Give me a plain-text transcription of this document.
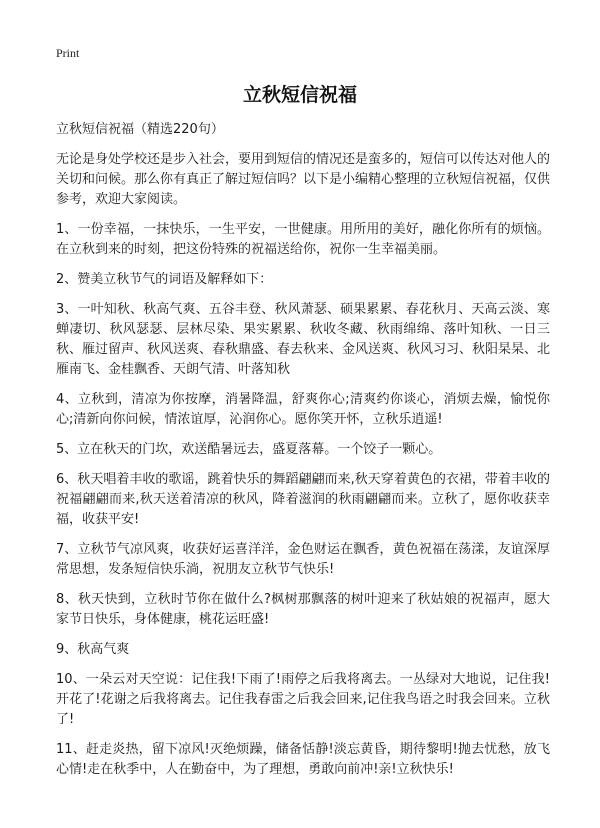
Print
立秋短信祝福

立秋短信祝福（精选220句）

无论是身处学校还是步入社会，要用到短信的情况还是蛮多的，短信可以传达对他人的关切和问候。那么你有真正了解过短信吗？以下是小编精心整理的立秋短信祝福，仅供参考，欢迎大家阅读。

1、一份幸福，一抹快乐，一生平安，一世健康。用所用的美好，融化你所有的烦恼。在立秋到来的时刻，把这份特殊的祝福送给你，祝你一生幸福美丽。

2、赞美立秋节气的词语及解释如下：

3、一叶知秋、秋高气爽、五谷丰登、秋风萧瑟、硕果累累、春花秋月、天高云淡、寒蝉凄切、秋风瑟瑟、层林尽染、果实累累、秋收冬藏、秋雨绵绵、落叶知秋、一日三秋、雁过留声、秋风送爽、春秋鼎盛、春去秋来、金风送爽、秋风习习、秋阳杲杲、北雁南飞、金桂飘香、天朗气清、叶落知秋

4、立秋到，清凉为你按摩，消暑降温，舒爽你心;清爽约你谈心，消烦去燥，愉悦你心;清新向你问候，情浓谊厚，沁润你心。愿你笑开怀，立秋乐逍遥!

5、立在秋天的门坎，欢送酷暑远去，盛夏落幕。一个饺子一颗心。

6、秋天唱着丰收的歌谣，跳着快乐的舞蹈翩翩而来,秋天穿着黄色的衣裙，带着丰收的祝福翩翩而来,秋天送着清凉的秋风，降着滋润的秋雨翩翩而来。立秋了，愿你收获幸福，收获平安!

7、立秋节气凉风爽，收获好运喜洋洋，金色财运在飘香，黄色祝福在荡漾，友谊深厚常思想，发条短信快乐淌，祝朋友立秋节气快乐!

8、秋天快到，立秋时节你在做什么?枫树那飘落的树叶迎来了秋姑娘的祝福声，愿大家节日快乐，身体健康，桃花运旺盛!

9、秋高气爽

10、一朵云对天空说：记住我!下雨了!雨停之后我将离去。一丛绿对大地说，记住我!开花了!花谢之后我将离去。记住我春雷之后我会回来,记住我鸟语之时我会回来。立秋了!

11、赶走炎热，留下凉风!灭绝烦躁，储备恬静!淡忘黄昏，期待黎明!抛去忧愁，放飞心情!走在秋季中，人在勤奋中，为了理想，勇敢向前冲!亲!立秋快乐!
